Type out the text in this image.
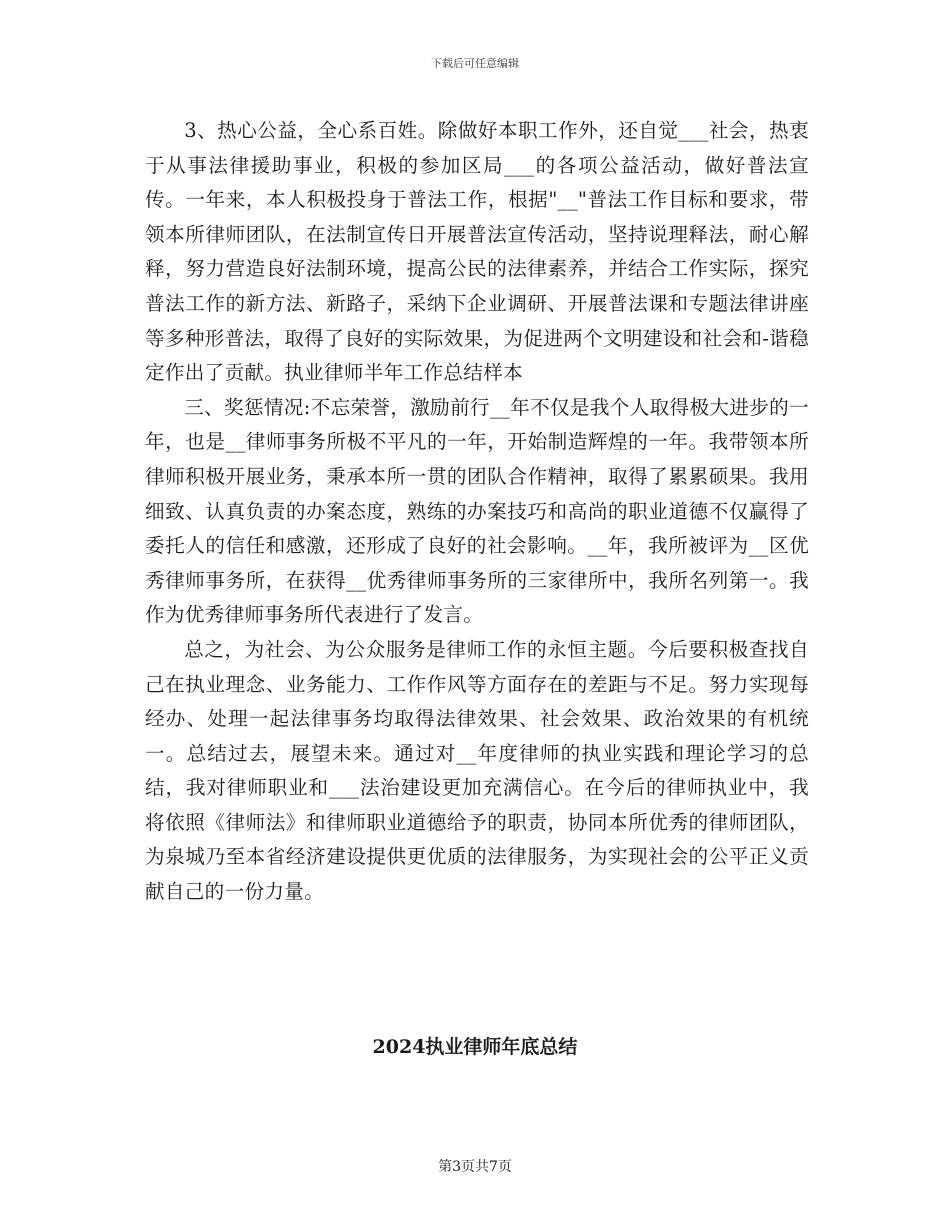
下载后可任意编辑

3、热心公益，全心系百姓。除做好本职工作外，还自觉___社会，热衷于从事法律援助事业，积极的参加区局___的各项公益活动，做好普法宣传。一年来，本人积极投身于普法工作，根据"__"普法工作目标和要求，带领本所律师团队，在法制宣传日开展普法宣传活动，坚持说理释法，耐心解释，努力营造良好法制环境，提高公民的法律素养，并结合工作实际，探究普法工作的新方法、新路子，采纳下企业调研、开展普法课和专题法律讲座等多种形普法，取得了良好的实际效果，为促进两个文明建设和社会和-谐稳定作出了贡献。执业律师半年工作总结样本

三、奖惩情况:不忘荣誉，激励前行__年不仅是我个人取得极大进步的一年，也是__律师事务所极不平凡的一年，开始制造辉煌的一年。我带领本所律师积极开展业务，秉承本所一贯的团队合作精神，取得了累累硕果。我用细致、认真负责的办案态度，熟练的办案技巧和高尚的职业道德不仅赢得了委托人的信任和感激，还形成了良好的社会影响。__年，我所被评为__区优秀律师事务所，在获得__优秀律师事务所的三家律所中，我所名列第一。我作为优秀律师事务所代表进行了发言。

总之，为社会、为公众服务是律师工作的永恒主题。今后要积极查找自己在执业理念、业务能力、工作作风等方面存在的差距与不足。努力实现每经办、处理一起法律事务均取得法律效果、社会效果、政治效果的有机统一。总结过去，展望未来。通过对__年度律师的执业实践和理论学习的总结，我对律师职业和___法治建设更加充满信心。在今后的律师执业中，我将依照《律师法》和律师职业道德给予的职责，协同本所优秀的律师团队，为泉城乃至本省经济建设提供更优质的法律服务，为实现社会的公平正义贡献自己的一份力量。

2024执业律师年底总结
第3页共7页
